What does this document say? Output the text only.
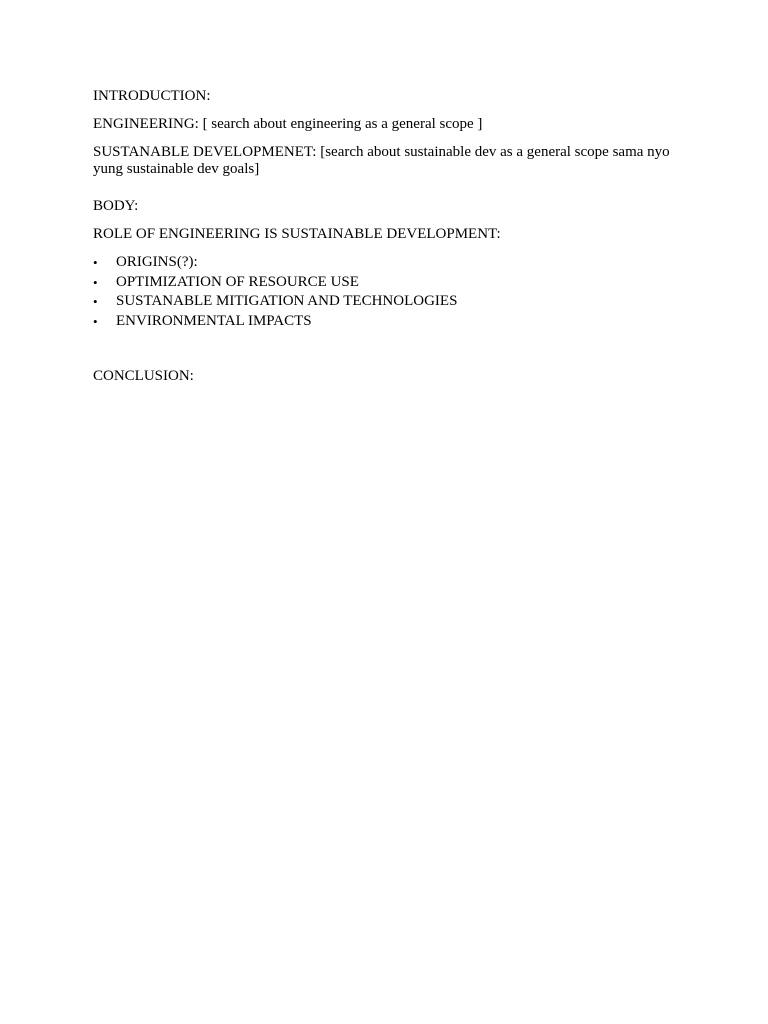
INTRODUCTION:

ENGINEERING: [ search about engineering as a general scope ]

SUSTANABLE DEVELOPMENET: [search about sustainable dev as a general scope sama nyo yung sustainable dev goals]

BODY:

ROLE OF ENGINEERING IS SUSTAINABLE DEVELOPMENT:

•	ORIGINS(?):
•	OPTIMIZATION OF RESOURCE USE
•	SUSTANABLE MITIGATION AND TECHNOLOGIES
•	ENVIRONMENTAL IMPACTS

CONCLUSION:
